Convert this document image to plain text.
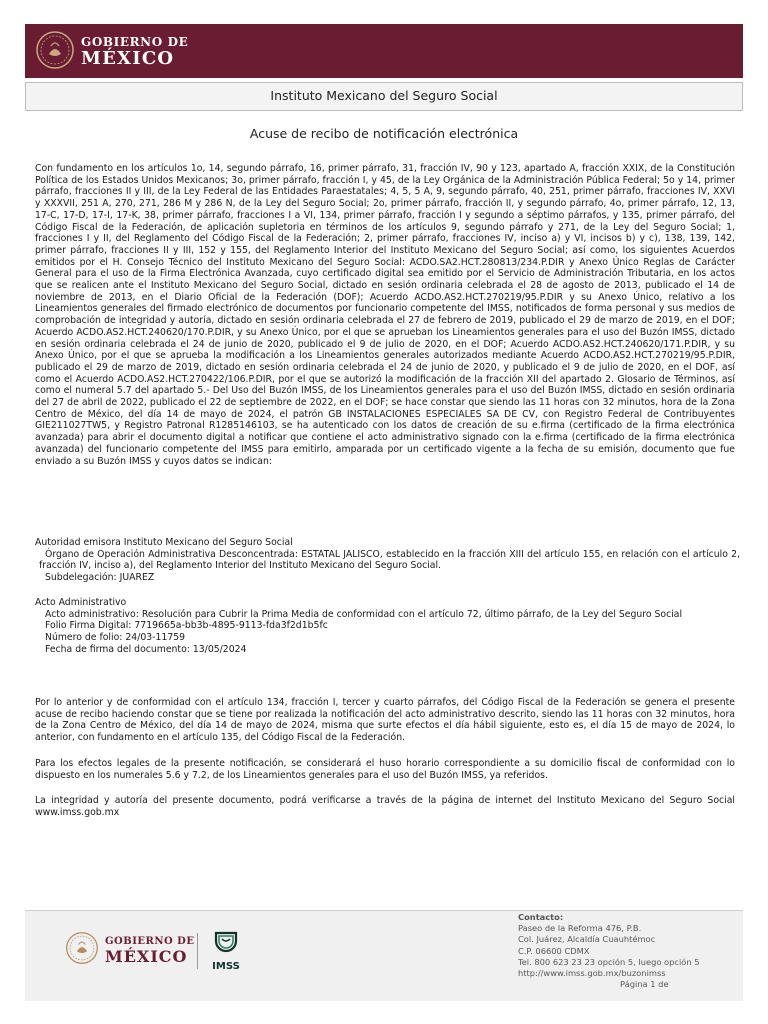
GOBIERNO DE
MÉXICO
Instituto Mexicano del Seguro Social
Acuse de recibo de notificación electrónica
Con fundamento en los artículos 1o, 14, segundo párrafo, 16, primer párrafo, 31, fracción IV, 90 y 123, apartado A, fracción XXIX, de la Constitución Política de los Estados Unidos Mexicanos; 3o, primer párrafo, fracción I, y 45, de la Ley Orgánica de la Administración Pública Federal; 5o y 14, primer párrafo, fracciones II y III, de la Ley Federal de las Entidades Paraestatales; 4, 5, 5 A, 9, segundo párrafo, 40, 251, primer párrafo, fracciones IV, XXVI y XXXVII, 251 A, 270, 271, 286 M y 286 N, de la Ley del Seguro Social; 2o, primer párrafo, fracción II, y segundo párrafo, 4o, primer párrafo, 12, 13, 17-C, 17-D, 17-I, 17-K, 38, primer párrafo, fracciones I a VI, 134, primer párrafo, fracción I y segundo a séptimo párrafos, y 135, primer párrafo, del Código Fiscal de la Federación, de aplicación supletoria en términos de los artículos 9, segundo párrafo y 271, de la Ley del Seguro Social; 1, fracciones I y II, del Reglamento del Código Fiscal de la Federación; 2, primer párrafo, fracciones IV, inciso a) y VI, incisos b) y c), 138, 139, 142, primer párrafo, fracciones II y III, 152 y 155, del Reglamento Interior del Instituto Mexicano del Seguro Social; así como, los siguientes Acuerdos emitidos por el H. Consejo Técnico del Instituto Mexicano del Seguro Social: ACDO.SA2.HCT.280813/234.P.DIR y Anexo Único Reglas de Carácter General para el uso de la Firma Electrónica Avanzada, cuyo certificado digital sea emitido por el Servicio de Administración Tributaria, en los actos que se realicen ante el Instituto Mexicano del Seguro Social, dictado en sesión ordinaria celebrada el 28 de agosto de 2013, publicado el 14 de noviembre de 2013, en el Diario Oficial de la Federación (DOF); Acuerdo ACDO.AS2.HCT.270219/95.P.DIR y su Anexo Único, relativo a los Lineamientos generales del firmado electrónico de documentos por funcionario competente del IMSS, notificados de forma personal y sus medios de comprobación de integridad y autoría, dictado en sesión ordinaria celebrada el 27 de febrero de 2019, publicado el 29 de marzo de 2019, en el DOF; Acuerdo ACDO.AS2.HCT.240620/170.P.DIR, y su Anexo Único, por el que se aprueban los Lineamientos generales para el uso del Buzón IMSS, dictado en sesión ordinaria celebrada el 24 de junio de 2020, publicado el 9 de julio de 2020, en el DOF; Acuerdo ACDO.AS2.HCT.240620/171.P.DIR, y su Anexo Único, por el que se aprueba la modificación a los Lineamientos generales autorizados mediante Acuerdo ACDO.AS2.HCT.270219/95.P.DIR, publicado el 29 de marzo de 2019, dictado en sesión ordinaria celebrada el 24 de junio de 2020, y publicado el 9 de julio de 2020, en el DOF, así como el Acuerdo ACDO.AS2.HCT.270422/106.P.DIR, por el que se autorizó la modificación de la fracción XII del apartado 2. Glosario de Términos, así como el numeral 5.7 del apartado 5.- Del Uso del Buzón IMSS, de los Lineamientos generales para el uso del Buzón IMSS, dictado en sesión ordinaria del 27 de abril de 2022, publicado el 22 de septiembre de 2022, en el DOF; se hace constar que siendo las 11 horas con 32 minutos, hora de la Zona Centro de México, del día 14 de mayo de 2024, el patrón GB INSTALACIONES ESPECIALES SA DE CV, con Registro Federal de Contribuyentes GIE211027TW5, y Registro Patronal R1285146103, se ha autenticado con los datos de creación de su e.firma (certificado de la firma electrónica avanzada) para abrir el documento digital a notificar que contiene el acto administrativo signado con la e.firma (certificado de la firma electrónica avanzada) del funcionario competente del IMSS para emitirlo, amparada por un certificado vigente a la fecha de su emisión, documento que fue enviado a su Buzón IMSS y cuyos datos se indican:
Autoridad emisora Instituto Mexicano del Seguro Social
Órgano de Operación Administrativa Desconcentrada: ESTATAL JALISCO, establecido en la fracción XIII del artículo 155, en relación con el artículo 2, fracción IV, inciso a), del Reglamento Interior del Instituto Mexicano del Seguro Social.
Subdelegación: JUAREZ
Acto Administrativo
Acto administrativo: Resolución para Cubrir la Prima Media de conformidad con el artículo 72, último párrafo, de la Ley del Seguro Social
Folio Firma Digital: 7719665a-bb3b-4895-9113-fda3f2d1b5fc
Número de folio: 24/03-11759
Fecha de firma del documento: 13/05/2024
Por lo anterior y de conformidad con el artículo 134, fracción I, tercer y cuarto párrafos, del Código Fiscal de la Federación se genera el presente acuse de recibo haciendo constar que se tiene por realizada la notificación del acto administrativo descrito, siendo las 11 horas con 32 minutos, hora de la Zona Centro de México, del día 14 de mayo de 2024, misma que surte efectos el día hábil siguiente, esto es, el día 15 de mayo de 2024, lo anterior, con fundamento en el artículo 135, del Código Fiscal de la Federación.
Para los efectos legales de la presente notificación, se considerará el huso horario correspondiente a su domicilio fiscal de conformidad con lo dispuesto en los numerales 5.6 y 7.2, de los Lineamientos generales para el uso del Buzón IMSS, ya referidos.
La integridad y autoría del presente documento, podrá verificarse a través de la página de internet del Instituto Mexicano del Seguro Social www.imss.gob.mx
GOBIERNO DE
MÉXICO
IMSS
Contacto:
Paseo de la Reforma 476, P.B.
Col. Juárez, Alcaldía Cuauhtémoc
C.P. 06600 CDMX
Tel. 800 623 23 23 opción 5, luego opción 5
http://www.imss.gob.mx/buzonimss
Página 1 de
